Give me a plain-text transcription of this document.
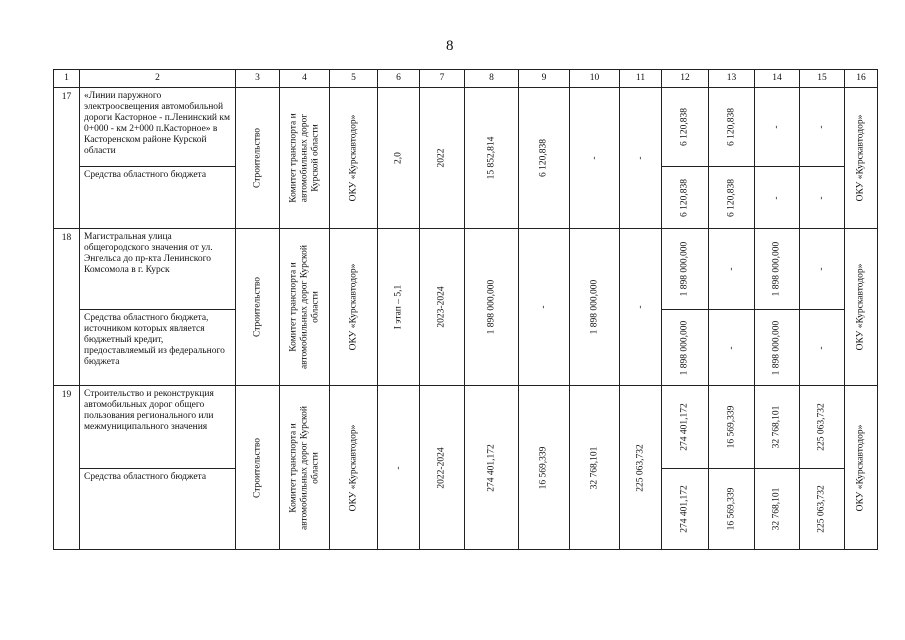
8
1	2	3	4	5	6	7	8	9	10	11	12	13	14	15	16
17	«Линии паружного электроосвещения автомобильной дороги Касторное - п.Ленинский км 0+000 - км 2+000 п.Касторное» в Касторенском районе Курской области	Строительство	Комитет транспорта и автомобильных дорог Курской области	ОКУ «Курскавтодор»	2,0	2022	15 852,814	6 120,838	-	-	6 120,838	6 120,838	-	-	ОКУ «Курскавтодор»

	Средства областного бюджета										6 120,838	6 120,838	-	-	

18	Магистральная улица общегородского значения от ул. Энгельса до пр-кта Ленинского Комсомола в г. Курск	Строительство	Комитет транспорта и автомобильных дорог Курской области	ОКУ «Курскавтодор»	I этап – 5,1	2023-2024	1 898 000,000	-	1 898 000,000	-	1 898 000,000	-	1 898 000,000	-	ОКУ «Курскавтодор»

	Средства областного бюджета, источником которых является бюджетный кредит, предоставляемый из федерального бюджета										1 898 000,000	-	1 898 000,000	-	

19	Строительство и реконструкция автомобильных дорог общего пользования регионального или межмуниципального значения	Строительство	Комитет транспорта и автомобильных дорог Курской области	ОКУ «Курскавтодор»	-	2022-2024	274 401,172	16 569,339	32 768,101	225 063,732	274 401,172	16 569,339	32 768,101	225 063,732	ОКУ «Курскавтодор»

	Средства областного бюджета										274 401,172	16 569,339	32 768,101	225 063,732	
